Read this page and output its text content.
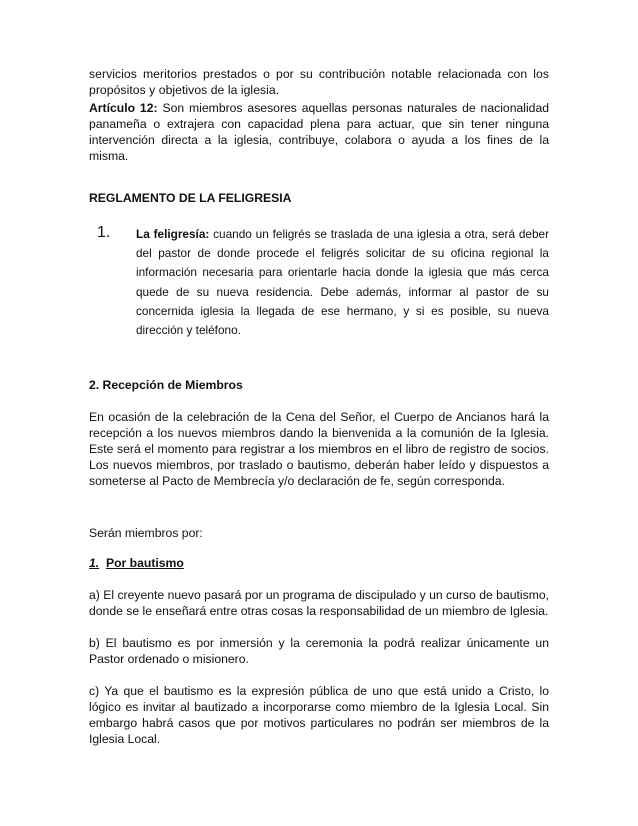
servicios meritorios prestados o por su contribución notable relacionada con los propósitos y objetivos de la iglesia.

Artículo 12: Son miembros asesores aquellas personas naturales de nacionalidad panameña o extrajera con capacidad plena para actuar, que sin tener ninguna intervención directa a la iglesia, contribuye, colabora o ayuda a los fines de la misma.

REGLAMENTO DE LA FELIGRESIA

1. La feligresía: cuando un feligrés se traslada de una iglesia a otra, será deber del pastor de donde procede el feligrés solicitar de su oficina regional la información necesaria para orientarle hacia donde la iglesia que más cerca quede de su nueva residencia. Debe además, informar al pastor de su concernida iglesia la llegada de ese hermano, y si es posible, su nueva dirección y teléfono.

2. Recepción de Miembros

En ocasión de la celebración de la Cena del Señor, el Cuerpo de Ancianos hará la recepción a los nuevos miembros dando la bienvenida a la comunión de la Iglesia. Este será el momento para registrar a los miembros en el libro de registro de socios. Los nuevos miembros, por traslado o bautismo, deberán haber leído y dispuestos a someterse al Pacto de Membrecía y/o declaración de fe, según corresponda.

Serán miembros por:

1. Por bautismo

a) El creyente nuevo pasará por un programa de discipulado y un curso de bautismo, donde se le enseñará entre otras cosas la responsabilidad de un miembro de Iglesia.

b) El bautismo es por inmersión y la ceremonia la podrá realizar únicamente un Pastor ordenado o misionero.

c) Ya que el bautismo es la expresión pública de uno que está unido a Cristo, lo lógico es invitar al bautizado a incorporarse como miembro de la Iglesia Local. Sin embargo habrá casos que por motivos particulares no podrán ser miembros de la Iglesia Local.
